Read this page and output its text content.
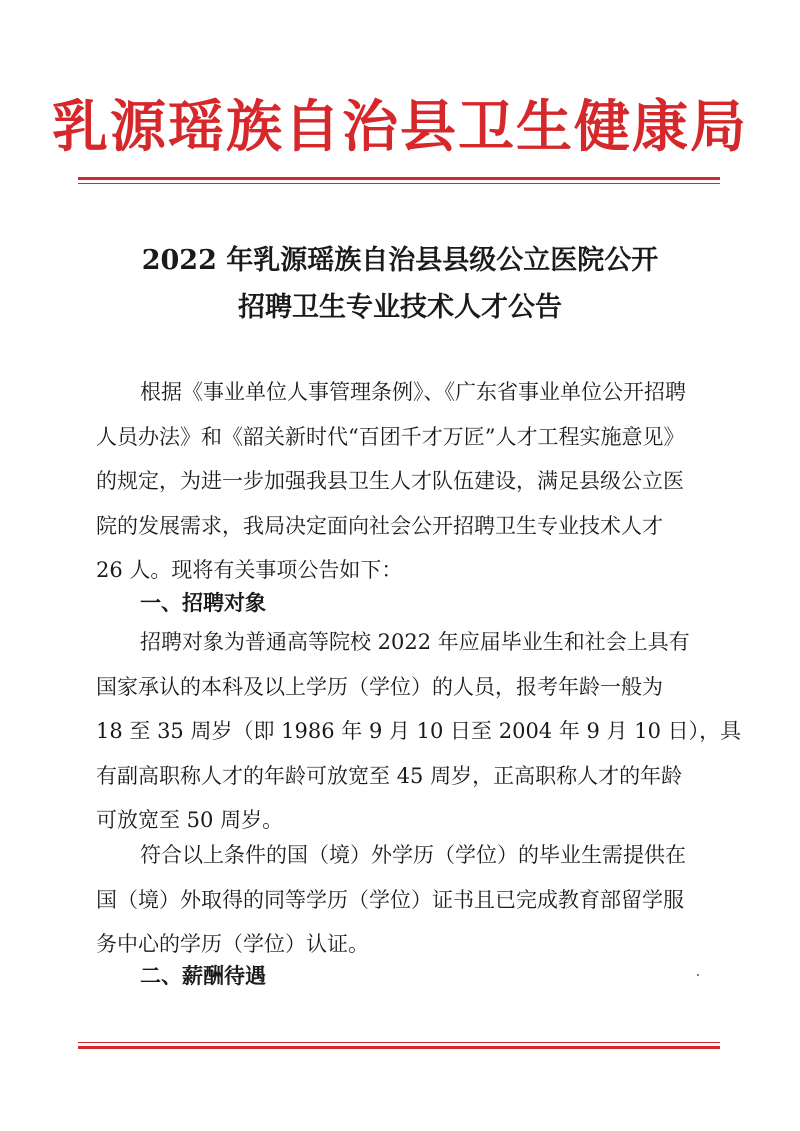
乳源瑶族自治县卫生健康局
2022 年乳源瑶族自治县县级公立医院公开
招聘卫生专业技术人才公告
根据《事业单位人事管理条例》、《广东省事业单位公开招聘
人员办法》和《韶关新时代“百团千才万匠”人才工程实施意见》
的规定，为进一步加强我县卫生人才队伍建设，满足县级公立医
院的发展需求，我局决定面向社会公开招聘卫生专业技术人才
26 人。现将有关事项公告如下：
一、招聘对象
招聘对象为普通高等院校 2022 年应届毕业生和社会上具有
国家承认的本科及以上学历（学位）的人员，报考年龄一般为
18 至 35 周岁（即 1986 年 9 月 10 日至 2004 年 9 月 10 日），具
有副高职称人才的年龄可放宽至 45 周岁，正高职称人才的年龄
可放宽至 50 周岁。
符合以上条件的国（境）外学历（学位）的毕业生需提供在
国（境）外取得的同等学历（学位）证书且已完成教育部留学服
务中心的学历（学位）认证。
二、薪酬待遇
